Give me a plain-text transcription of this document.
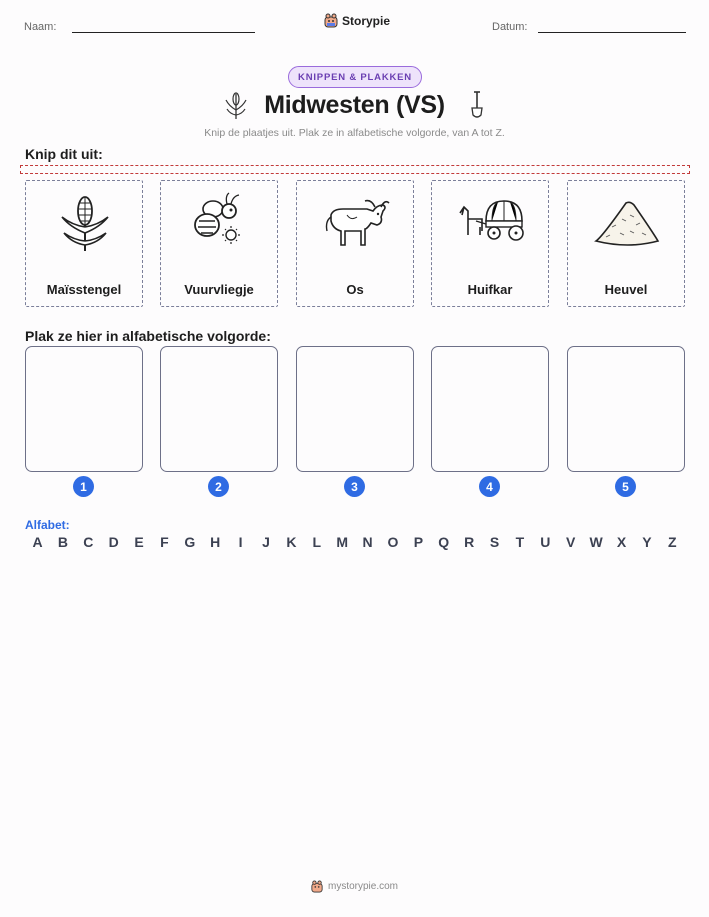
Naam:	Storypie	Datum:
KNIPPEN & PLAKKEN
Midwesten (VS)
Knip de plaatjes uit. Plak ze in alfabetische volgorde, van A tot Z.
Knip dit uit:
Maïsstengel	Vuurvliegje	Os	Huifkar	Heuvel
Plak ze hier in alfabetische volgorde:
1	2	3	4	5
Alfabet:
A	B	C	D	E	F	G	H	I	J	K	L	M	N	O	P	Q	R	S	T	U	V	W	X	Y	Z
mystorypie.com
